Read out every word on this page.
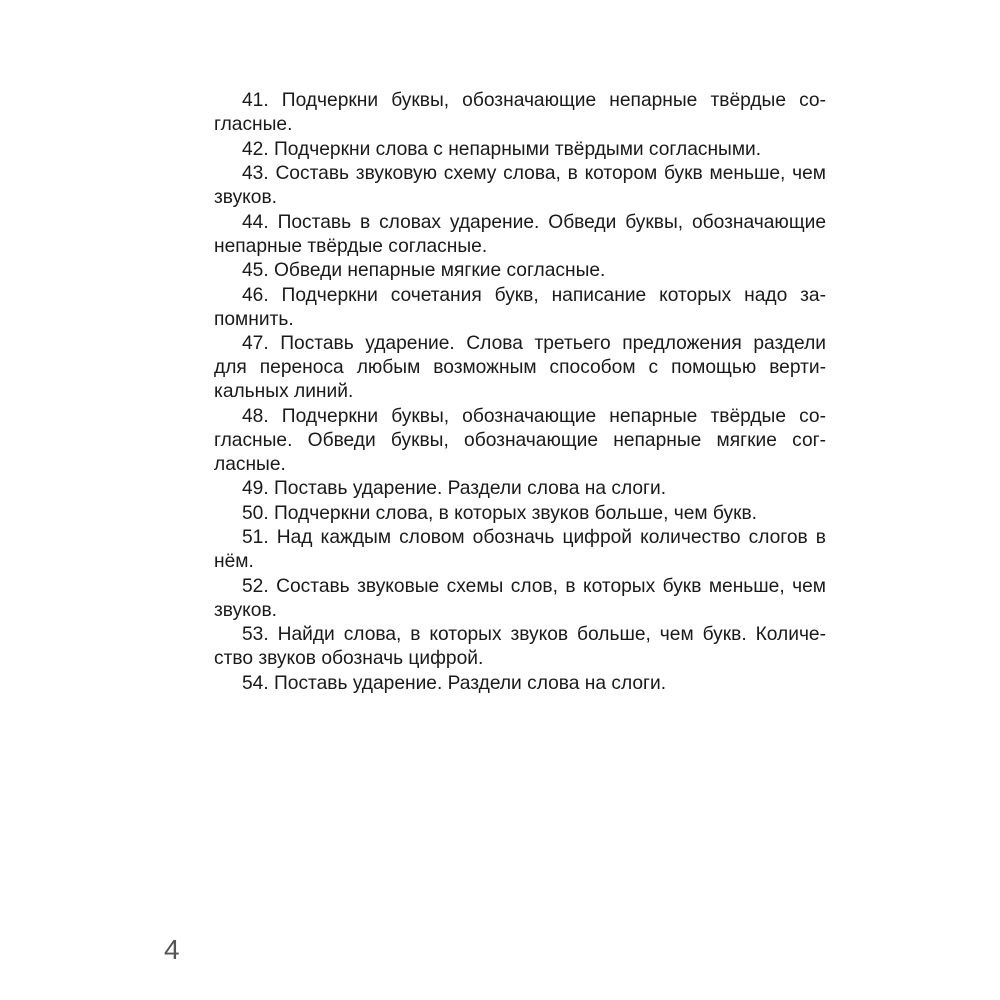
41. Подчеркни буквы, обозначающие непарные твёрдые со-​гласные.

42. Подчеркни слова с непарными твёрдыми согласными.

43. Составь звуковую схему слова, в котором букв меньше, чем звуков.

44. Поставь в словах ударение. Обведи буквы, обозначающие непарные твёрдые согласные.

45. Обведи непарные мягкие согласные.

46. Подчеркни сочетания букв, написание которых надо за-​помнить.

47. Поставь ударение. Слова третьего предложения раздели для переноса любым возможным способом с помощью верти-​кальных линий.

48. Подчеркни буквы, обозначающие непарные твёрдые со-​гласные. Обведи буквы, обозначающие непарные мягкие сог-​ласные.

49. Поставь ударение. Раздели слова на слоги.

50. Подчеркни слова, в которых звуков больше, чем букв.

51. Над каждым словом обозначь цифрой количество слогов в нём.

52. Составь звуковые схемы слов, в которых букв меньше, чем звуков.

53. Найди слова, в которых звуков больше, чем букв. Количе-​ство звуков обозначь цифрой.

54. Поставь ударение. Раздели слова на слоги.

4
